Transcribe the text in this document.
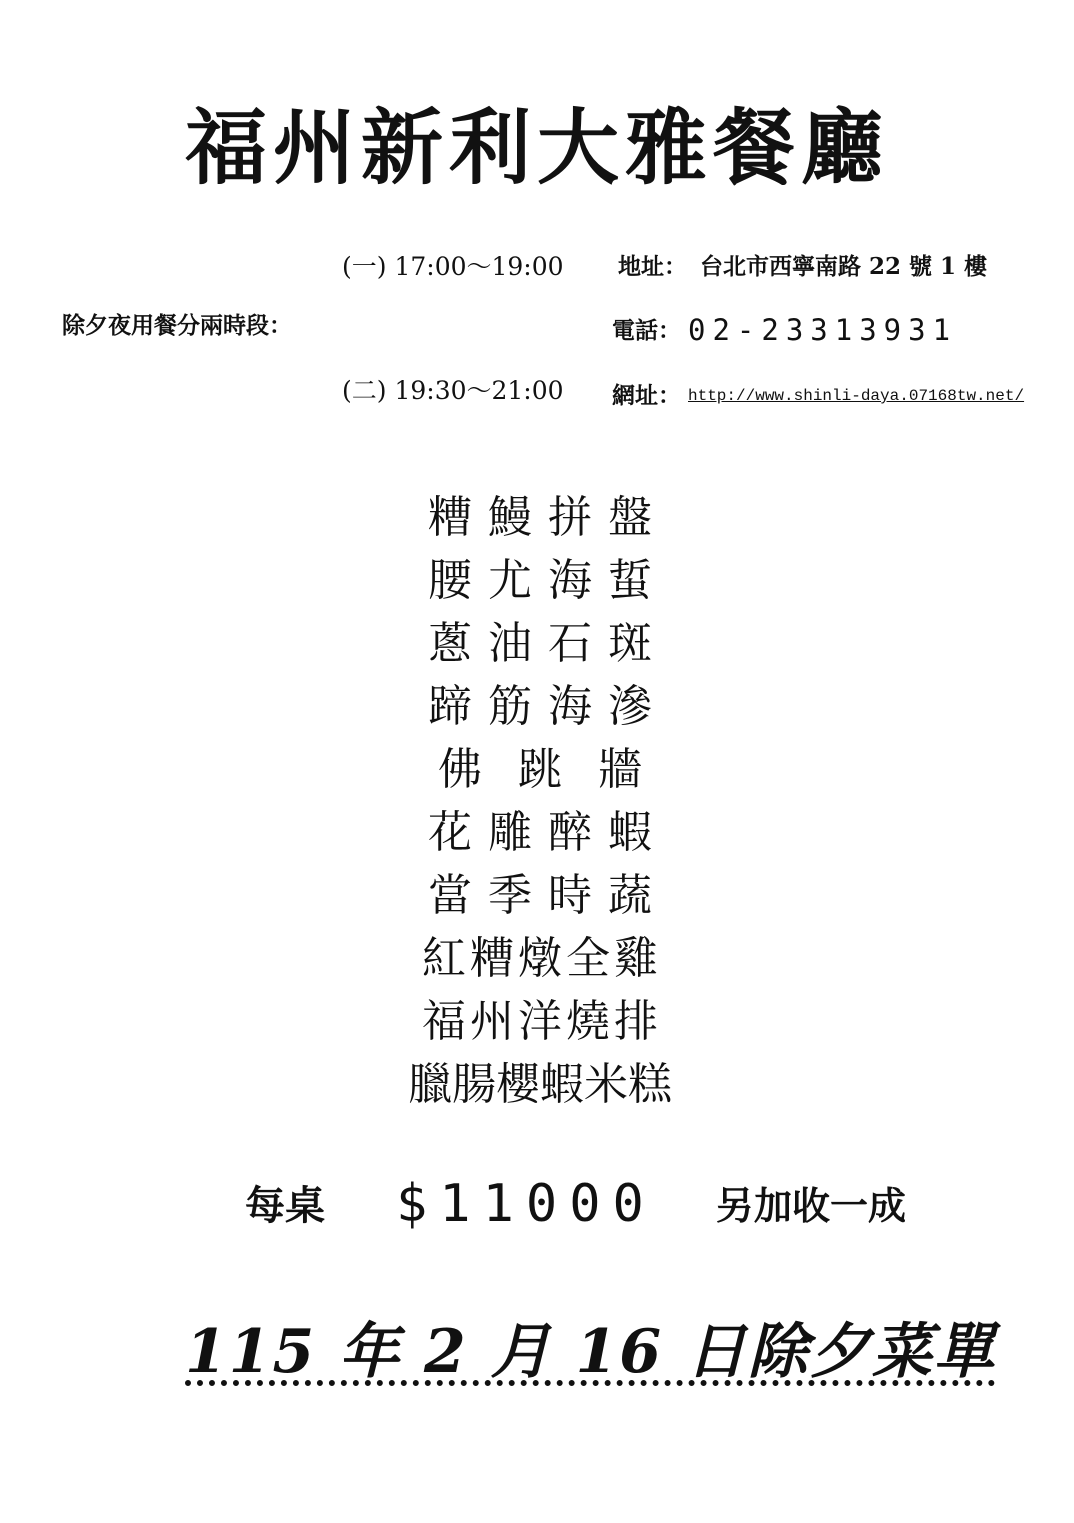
福州新利大雅餐廳
(一) 17:00～19:00
除夕夜用餐分兩時段：
(二) 19:30～21:00
地址： 台北市西寧南路 22 號 1 樓
電話： 02-23313931
網址： http://www.shinli-daya.07168tw.net/
糟鰻拼盤
腰尤海蜇
蔥油石斑
蹄筋海滲
佛跳牆
花雕醉蝦
當季時蔬
紅糟燉全雞
福州洋燒排
臘腸櫻蝦米糕
每桌 $11000 另加收一成
115 年 2 月 16 日除夕菜單
